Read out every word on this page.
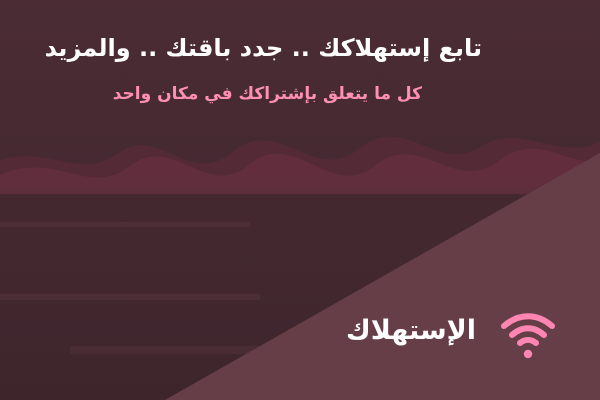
تابع إستهلاكك .. جدد باقتك .. والمزيد

كل ما يتعلق بإشتراكك في مكان واحد

الإستهلاك
